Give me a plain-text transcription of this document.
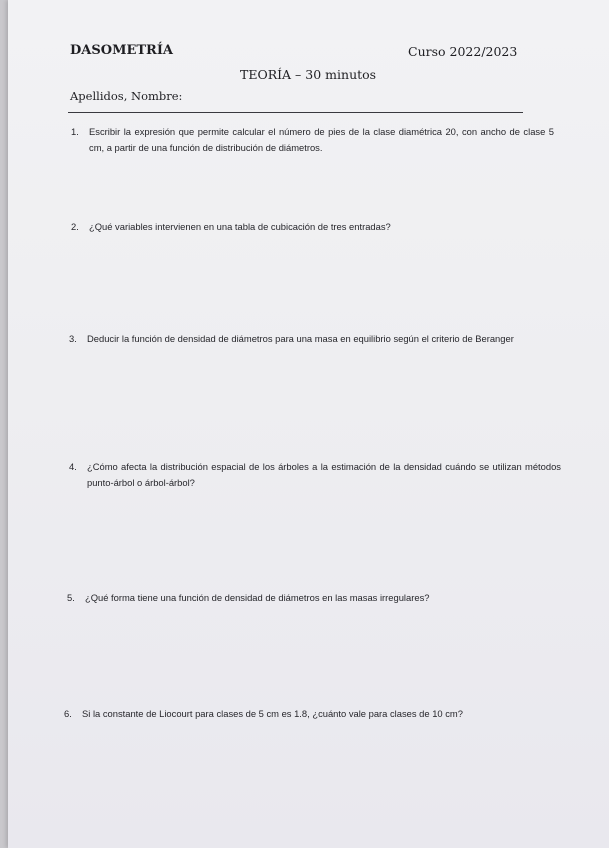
DASOMETRÍA	Curso 2022/2023
TEORÍA – 30 minutos
Apellidos, Nombre:
1. Escribir la expresión que permite calcular el número de pies de la clase diamétrica 20, con ancho de clase 5 cm, a partir de una función de distribución de diámetros.
2. ¿Qué variables intervienen en una tabla de cubicación de tres entradas?
3. Deducir la función de densidad de diámetros para una masa en equilibrio según el criterio de Beranger
4. ¿Cómo afecta la distribución espacial de los árboles a la estimación de la densidad cuándo se utilizan métodos punto-árbol o árbol-árbol?
5. ¿Qué forma tiene una función de densidad de diámetros en las masas irregulares?
6. Si la constante de Liocourt para clases de 5 cm es 1.8, ¿cuánto vale para clases de 10 cm?
